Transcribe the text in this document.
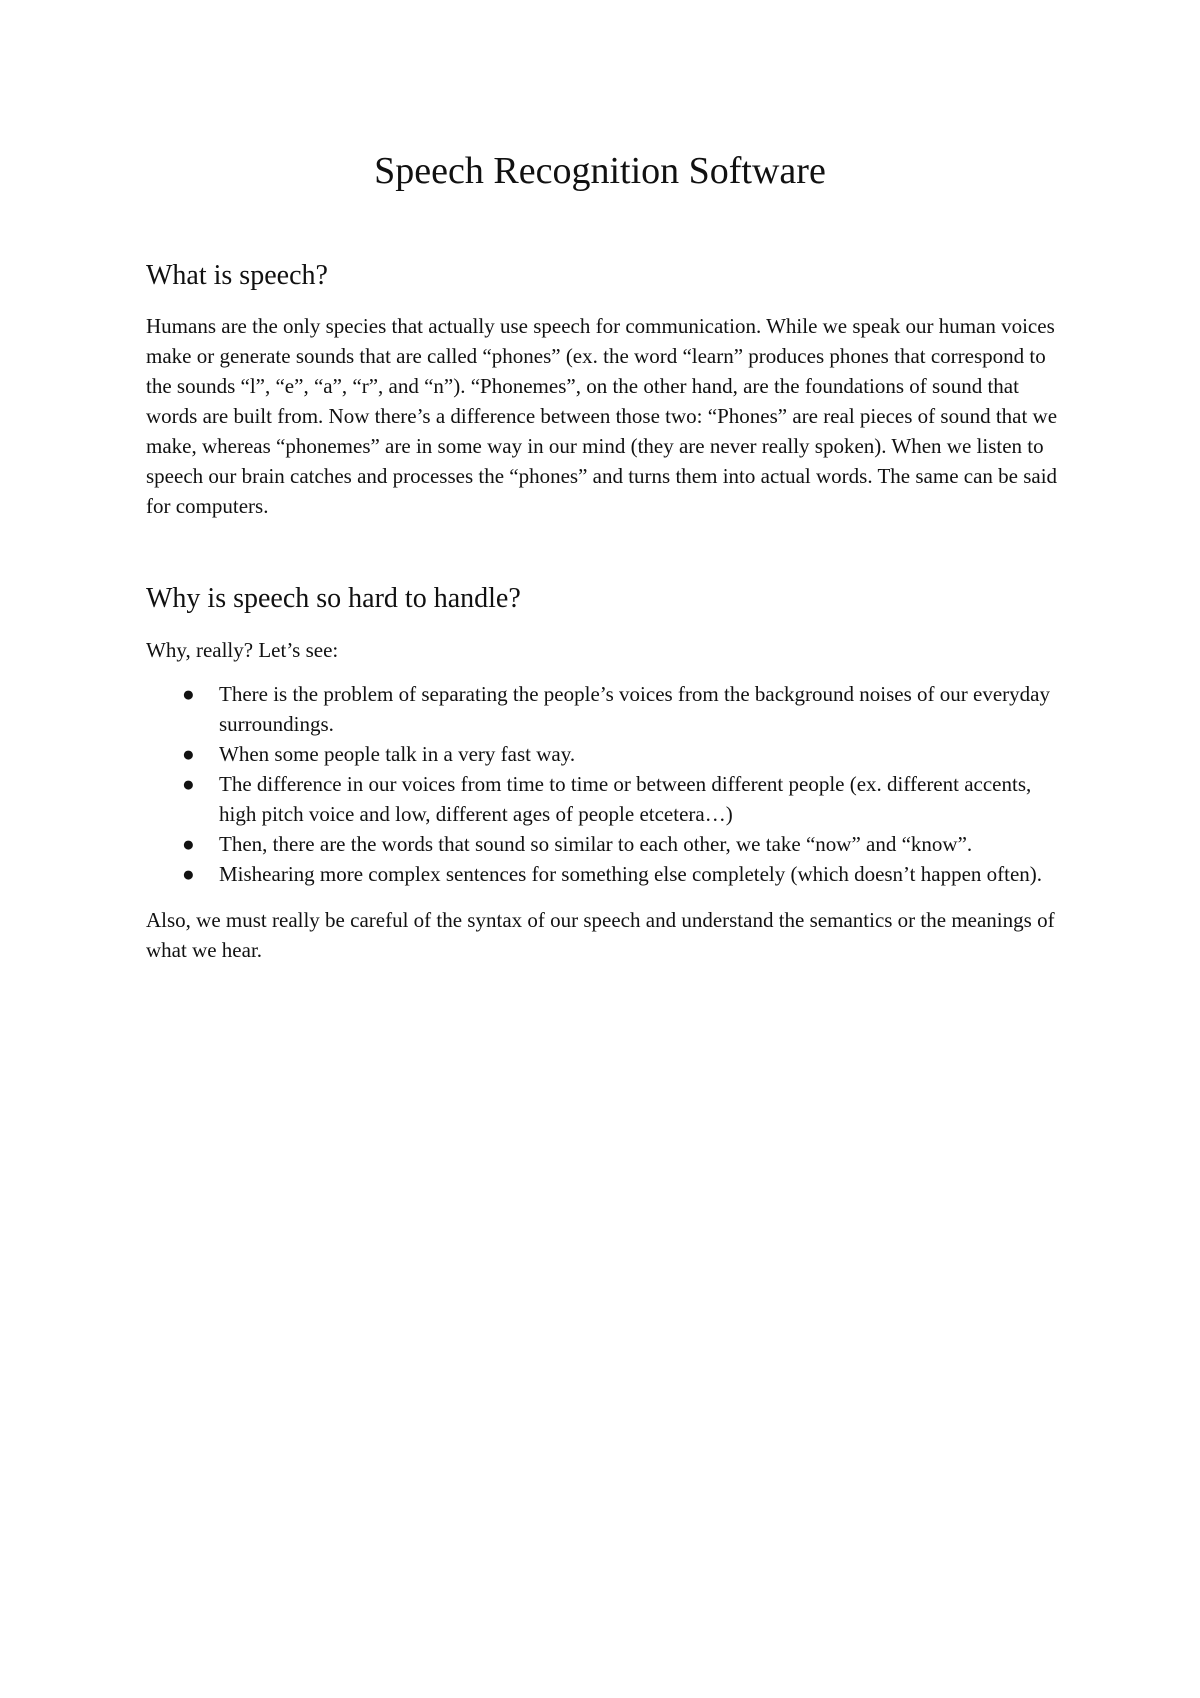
Speech Recognition Software
What is speech?

Humans are the only species that actually use speech for communication. While we speak our human voices make or generate sounds that are called “phones” (ex. the word “learn” produces phones that correspond to the sounds “l”, “e”, “a”, “r”, and “n”). “Phonemes”, on the other hand, are the foundations of sound that words are built from. Now there’s a difference between those two: “Phones” are real pieces of sound that we make, whereas “phonemes” are in some way in our mind (they are never really spoken). When we listen to speech our brain catches and processes the “phones” and turns them into actual words. The same can be said for computers.

Why is speech so hard to handle?

Why, really? Let’s see:

● There is the problem of separating the people’s voices from the background noises of our everyday surroundings.
● When some people talk in a very fast way.
● The difference in our voices from time to time or between different people (ex. different accents, high pitch voice and low, different ages of people etcetera…)
● Then, there are the words that sound so similar to each other, we take “now” and “know”.
● Mishearing more complex sentences for something else completely (which doesn’t happen often).

Also, we must really be careful of the syntax of our speech and understand the semantics or the meanings of what we hear.
